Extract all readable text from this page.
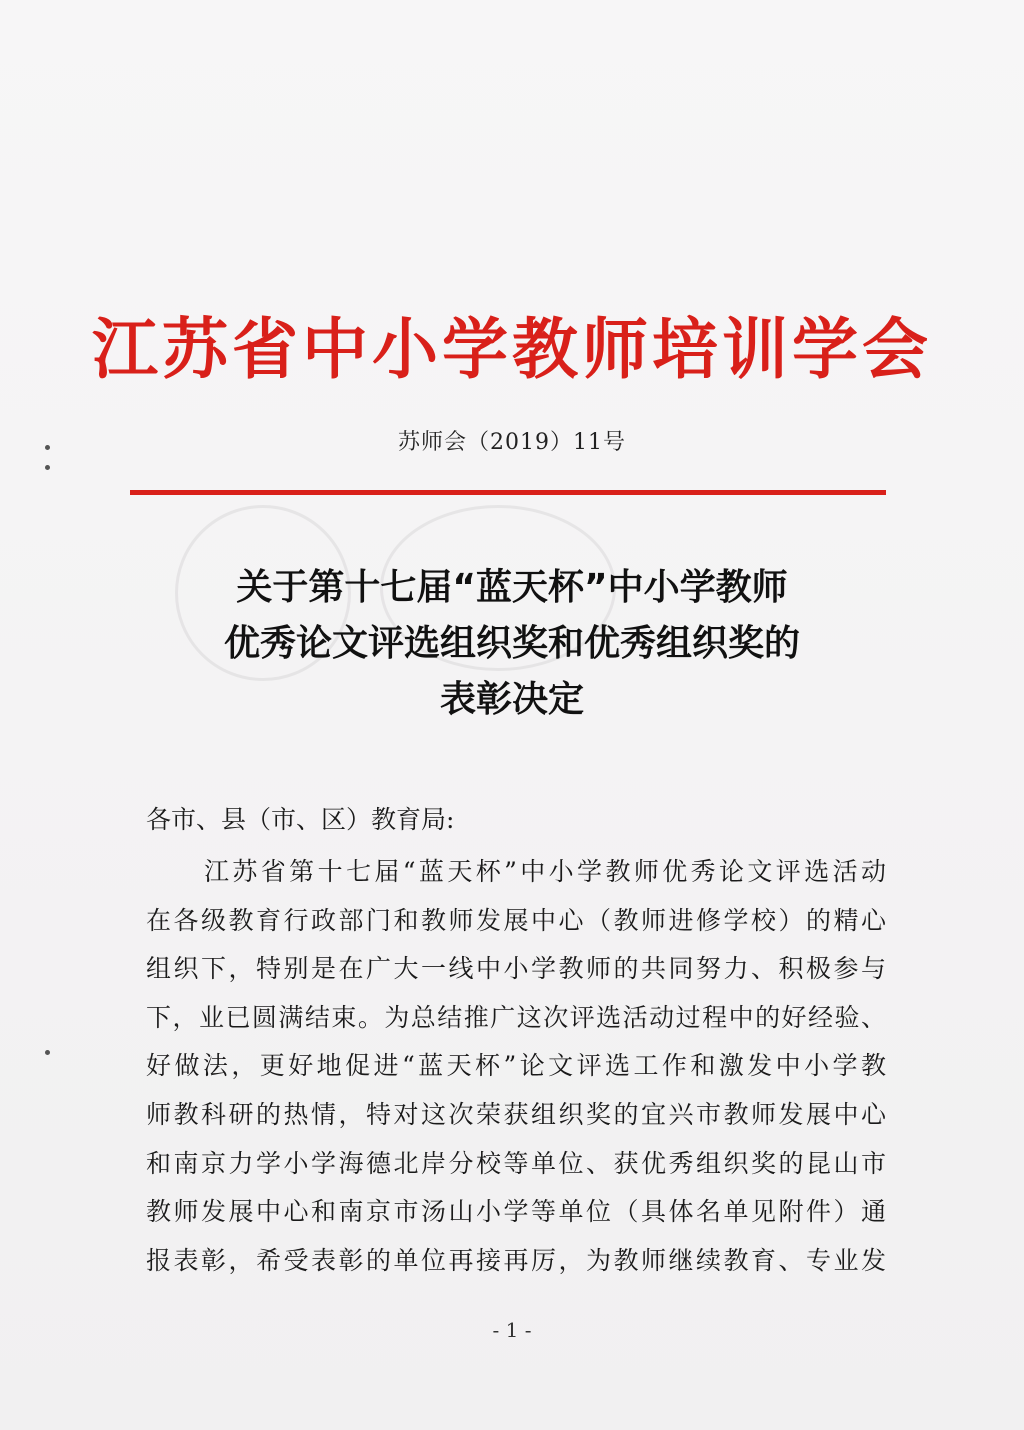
江苏省中小学教师培训学会
苏师会（2019）11号
关于第十七届“蓝天杯”中小学教师
优秀论文评选组织奖和优秀组织奖的
表彰决定
各市、县（市、区）教育局:
江苏省第十七届“蓝天杯”中小学教师优秀论文评选活动
在各级教育行政部门和教师发展中心（教师进修学校）的精心
组织下，特别是在广大一线中小学教师的共同努力、积极参与
下，业已圆满结束。为总结推广这次评选活动过程中的好经验、
好做法，更好地促进“蓝天杯”论文评选工作和激发中小学教
师教科研的热情，特对这次荣获组织奖的宜兴市教师发展中心
和南京力学小学海德北岸分校等单位、获优秀组织奖的昆山市
教师发展中心和南京市汤山小学等单位（具体名单见附件）通
报表彰，希受表彰的单位再接再厉，为教师继续教育、专业发
- 1 -
